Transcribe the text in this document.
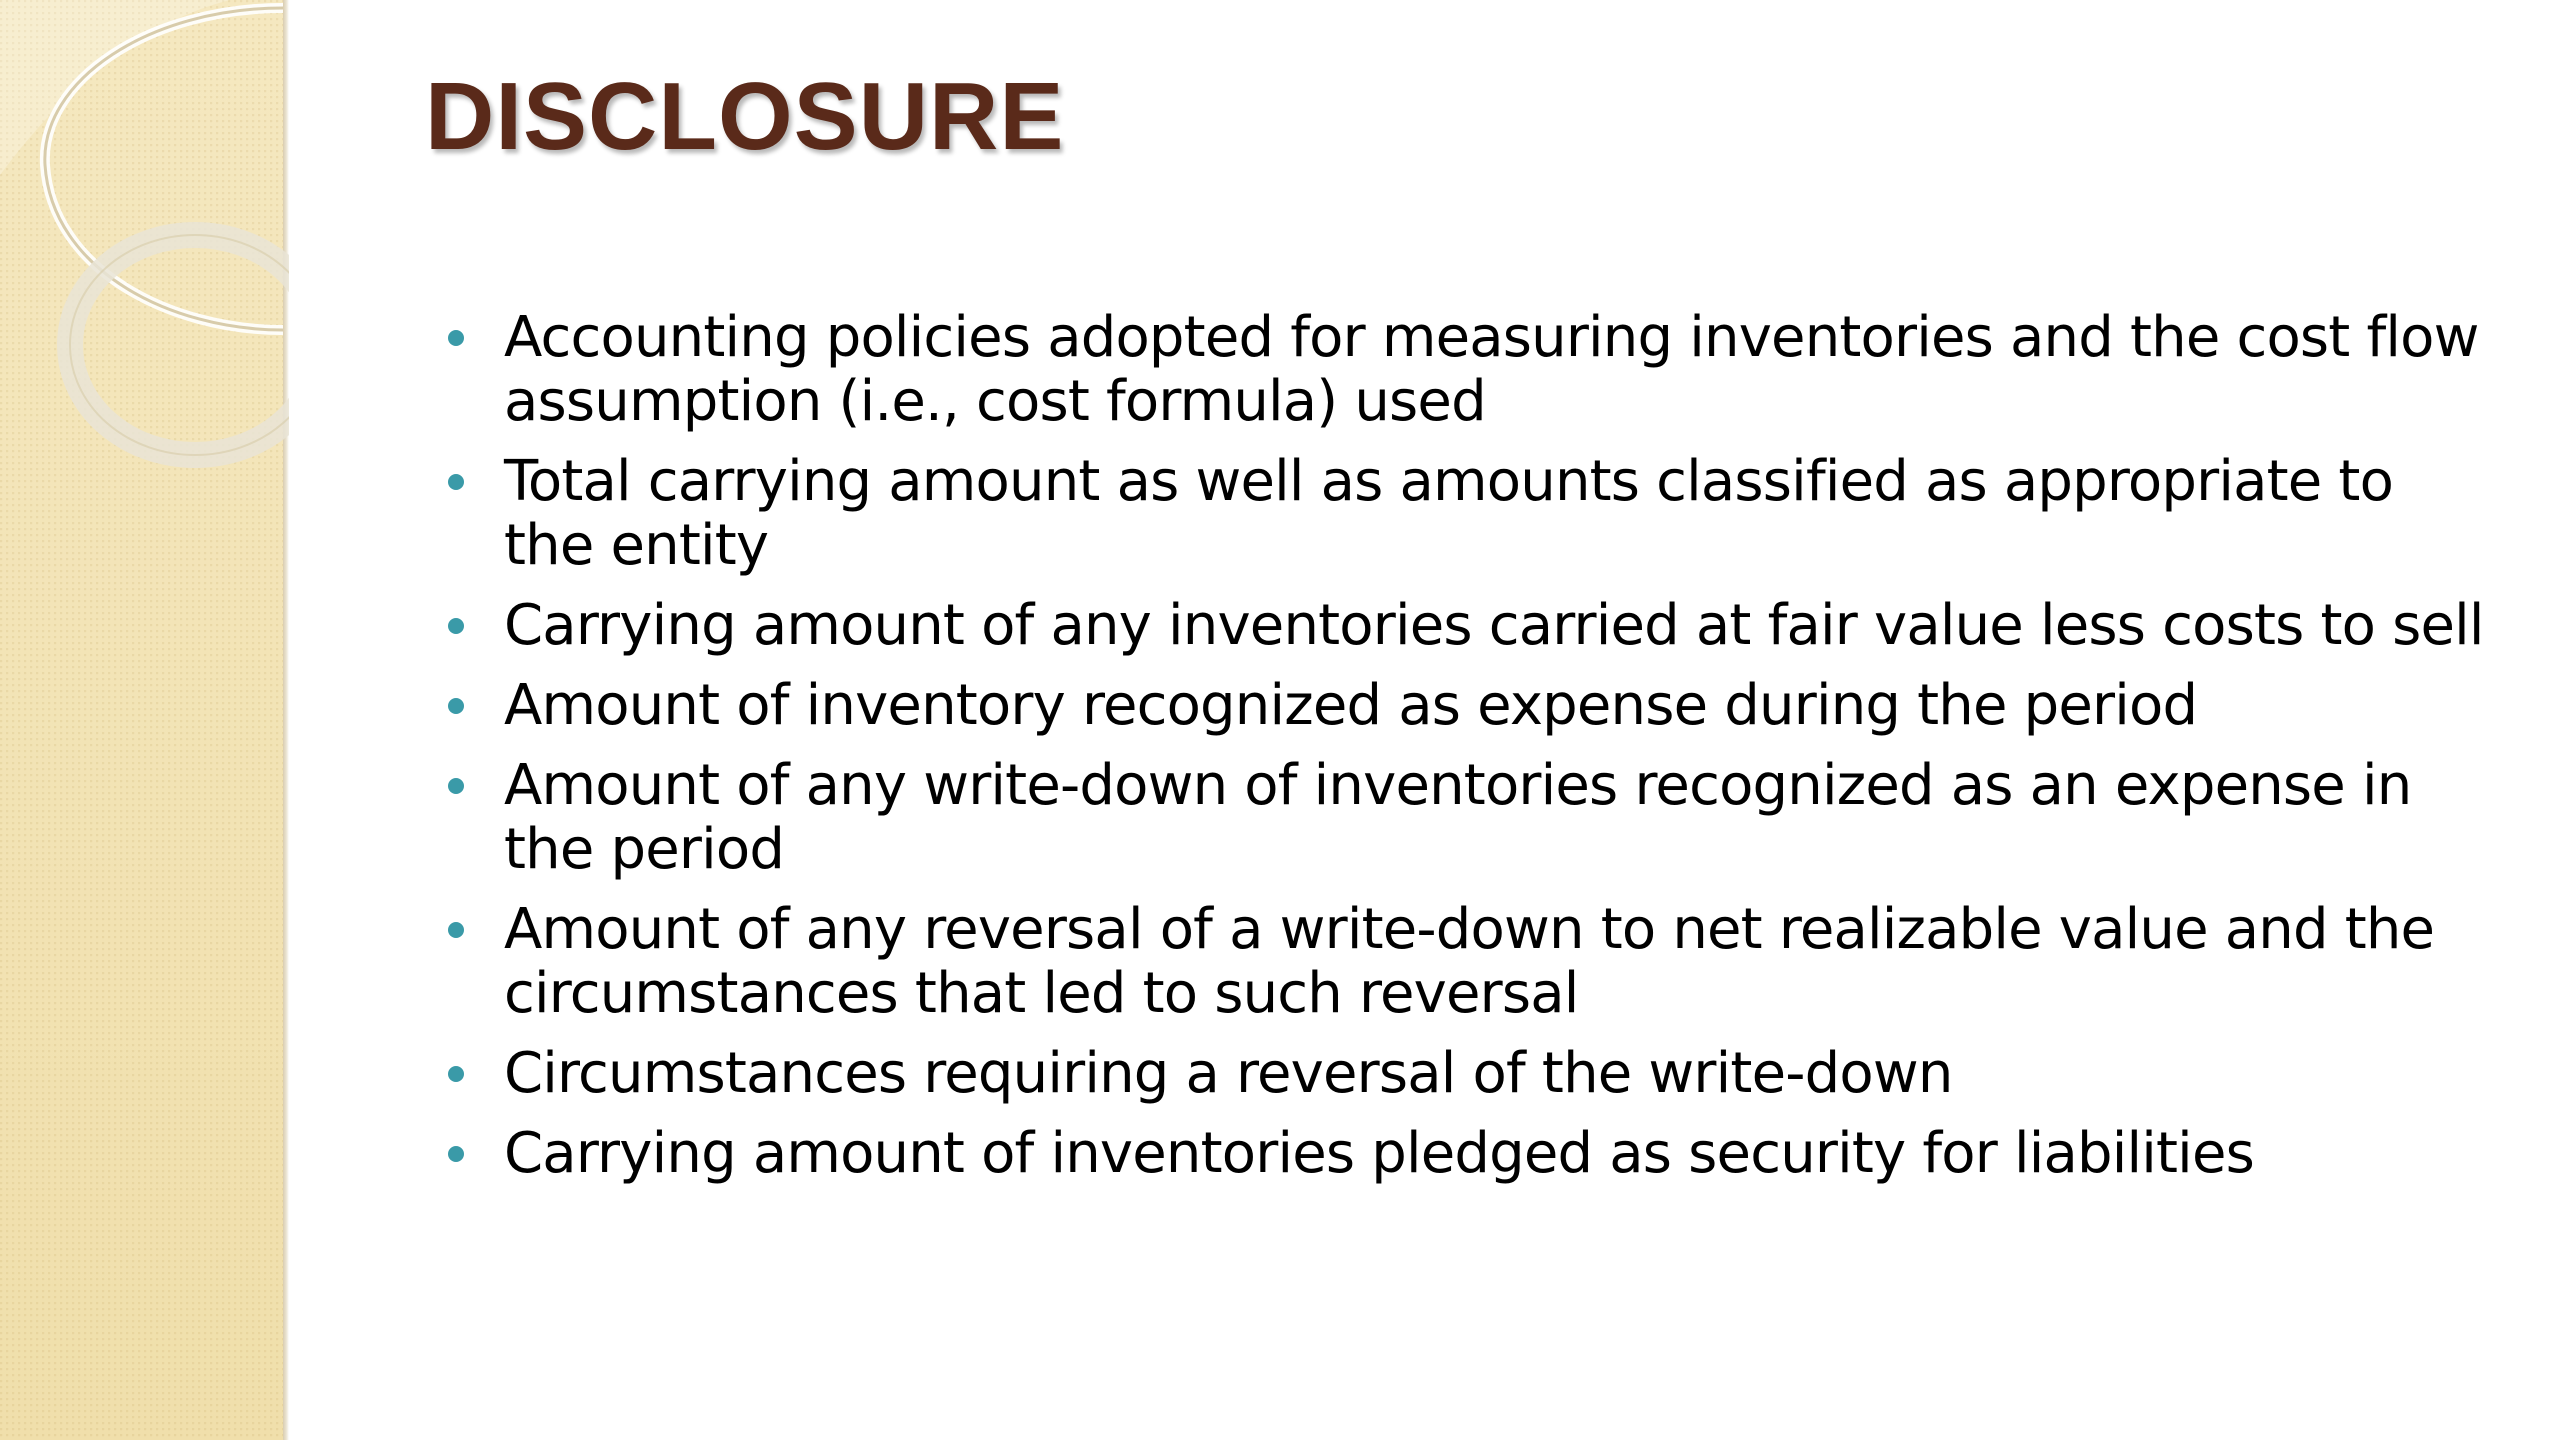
DISCLOSURE
Accounting policies adopted for measuring inventories and the cost flow assumption (i.e., cost formula) used
Total carrying amount as well as amounts classified as appropriate to the entity
Carrying amount of any inventories carried at fair value less costs to sell
Amount of inventory recognized as expense during the period
Amount of any write-down of inventories recognized as an expense in the period
Amount of any reversal of a write-down to net realizable value and the circumstances that led to such reversal
Circumstances requiring a reversal of the write-down
Carrying amount of inventories pledged as security for liabilities
